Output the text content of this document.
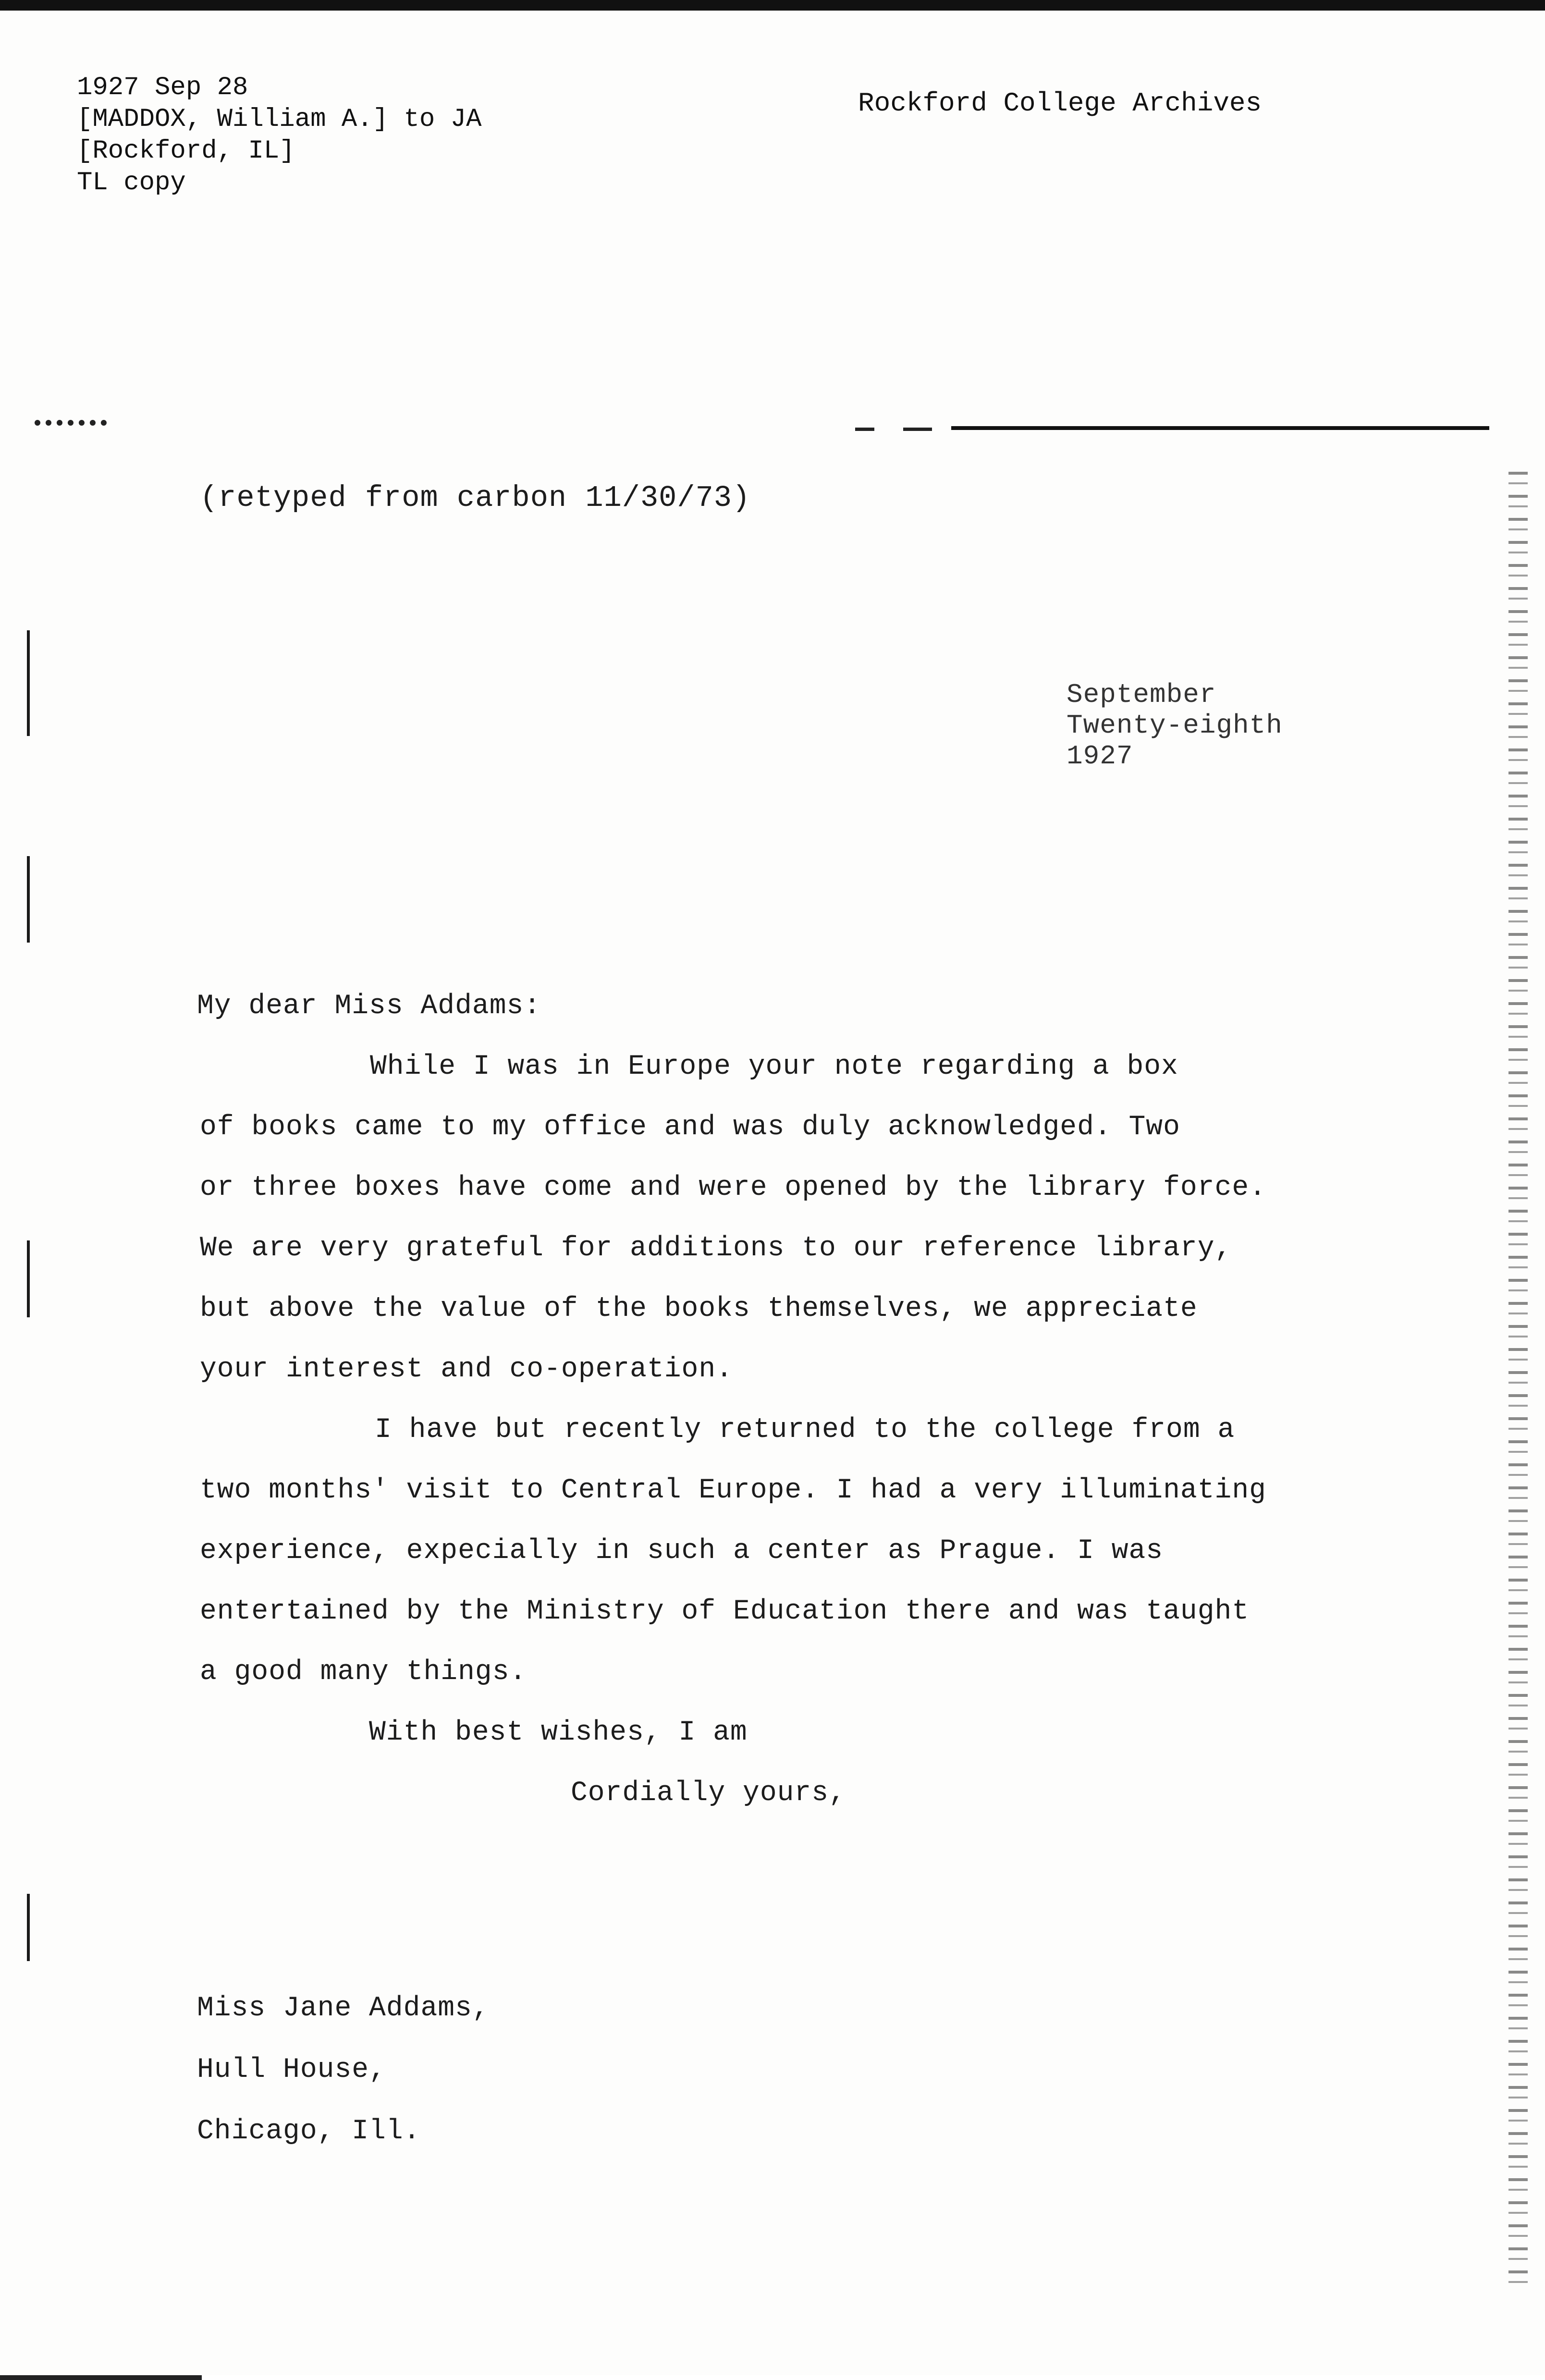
1927 Sep 28
[MADDOX, William A.] to JA
[Rockford, IL]
TL copy
Rockford College Archives
(retyped from carbon 11/30/73)
September
Twenty-eighth
1927
My dear Miss Addams:
While I was in Europe your note regarding a box
of books came to my office and was duly acknowledged. Two
or three boxes have come and were opened by the library force.
We are very grateful for additions to our reference library,
but above the value of the books themselves, we appreciate
your interest and co-operation.
I have but recently returned to the college from a
two months' visit to Central Europe. I had a very illuminating
experience, expecially in such a center as Prague. I was
entertained by the Ministry of Education there and was taught
a good many things.
With best wishes, I am
Cordially yours,
Miss Jane Addams,
Hull House,
Chicago, Ill.
